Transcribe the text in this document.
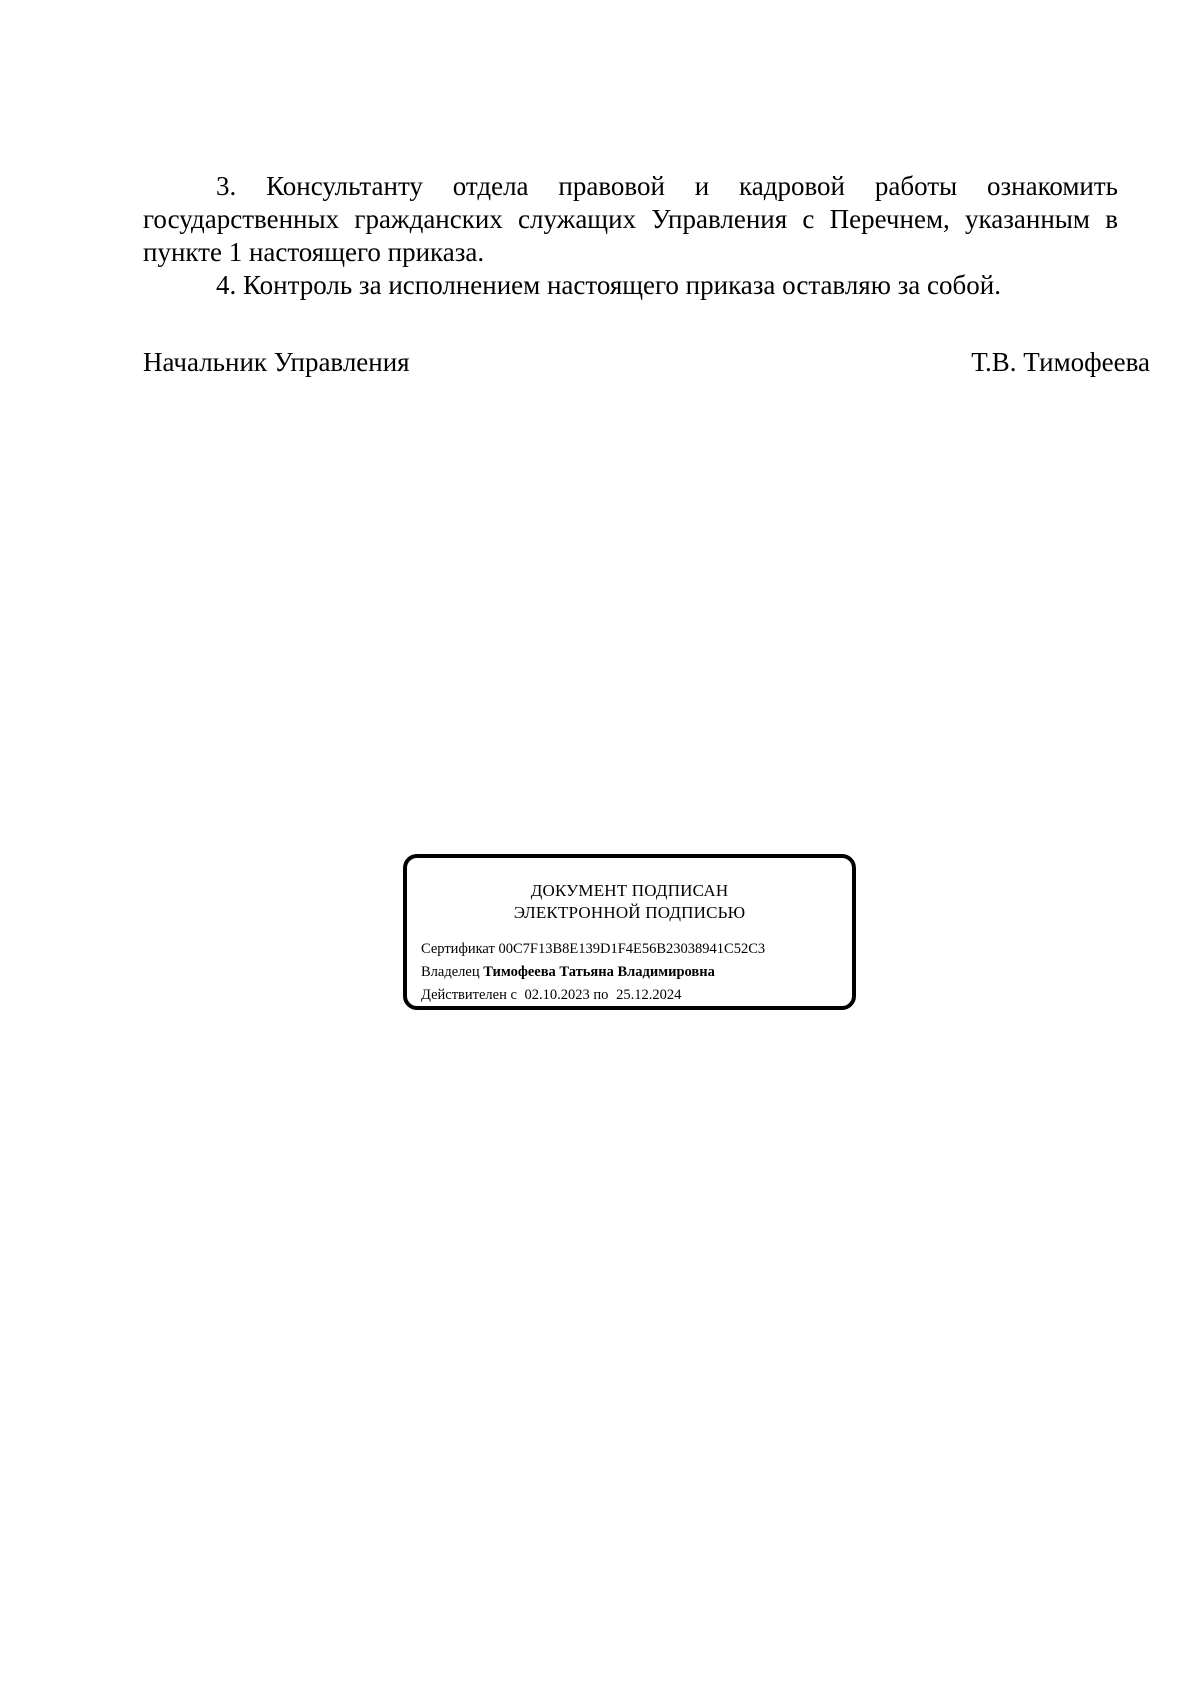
3. Консультанту отдела правовой и кадровой работы ознакомить государственных гражданских служащих Управления с Перечнем, указанным в пункте 1 настоящего приказа.

4. Контроль за исполнением настоящего приказа оставляю за собой.

Начальник Управления	Т.В. Тимофеева
ДОКУМЕНТ ПОДПИСАН
ЭЛЕКТРОННОЙ ПОДПИСЬЮ
Сертификат 00C7F13B8E139D1F4E56B23038941C52C3
Владелец Тимофеева Татьяна Владимировна
Действителен с 02.10.2023 по 25.12.2024
